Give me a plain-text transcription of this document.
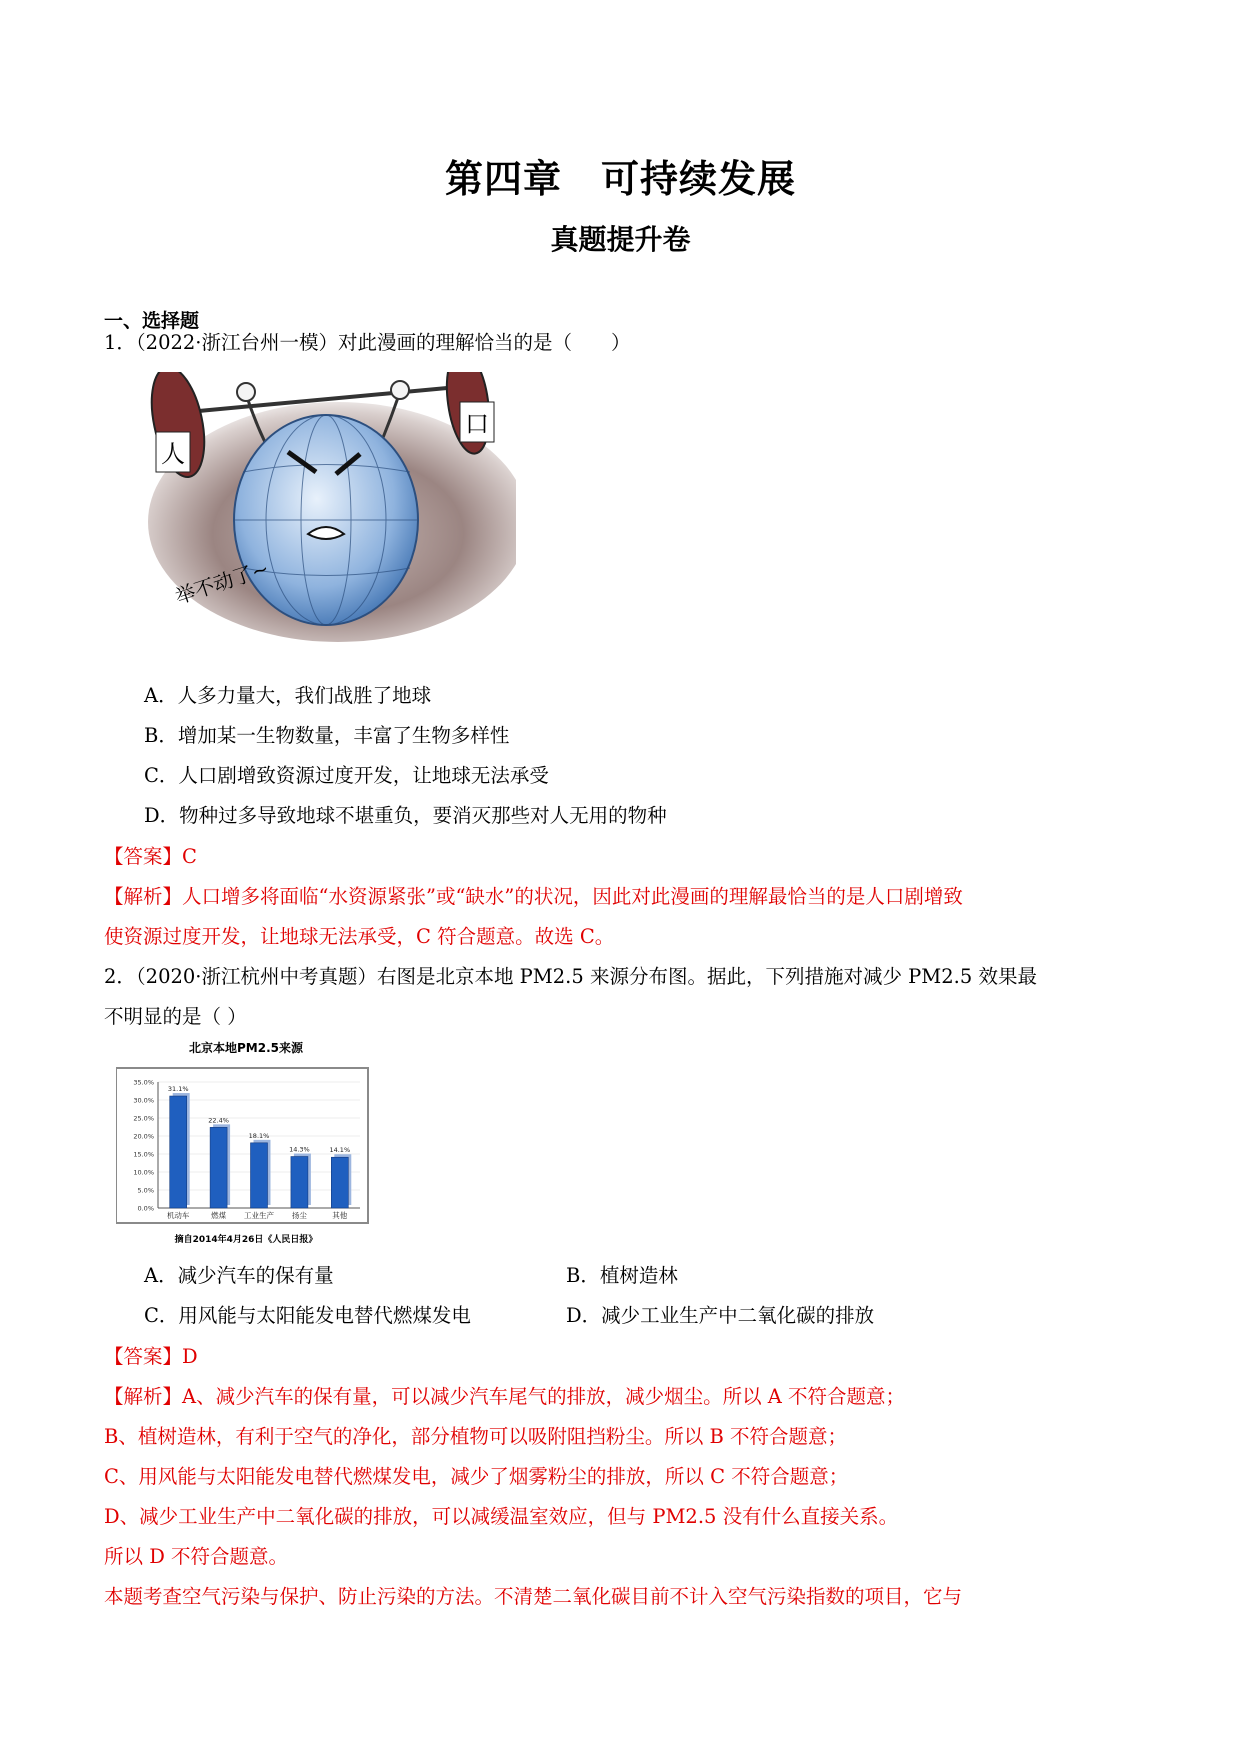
第四章　可持续发展
真题提升卷
一、选择题
1．（2022·浙江台州一模）对此漫画的理解恰当的是（　　）
人
口
举不动了~
A．人多力量大，我们战胜了地球
B．增加某一生物数量，丰富了生物多样性
C．人口剧增致资源过度开发，让地球无法承受
D．物种过多导致地球不堪重负，要消灭那些对人无用的物种
【答案】C
【解析】人口增多将面临“水资源紧张”或“缺水”的状况，因此对此漫画的理解最恰当的是人口剧增致
使资源过度开发，让地球无法承受，C 符合题意。故选 C。
2．（2020·浙江杭州中考真题）右图是北京本地 PM2.5 来源分布图。据此，下列措施对减少 PM2.5 效果最
不明显的是（ ）
北京本地PM2.5来源
35.0%
30.0%
25.0%
20.0%
15.0%
10.0%
5.0%
0.0%
31.1%
机动车
22.4%
燃煤
18.1%
工业生产
14.3%
扬尘
14.1%
其他
摘自2014年4月26日《人民日报》
A．减少汽车的保有量	B．植树造林
C．用风能与太阳能发电替代燃煤发电	D．减少工业生产中二氧化碳的排放
【答案】D
【解析】A、减少汽车的保有量，可以减少汽车尾气的排放，减少烟尘。所以 A 不符合题意；
B、植树造林，有利于空气的净化，部分植物可以吸附阻挡粉尘。所以 B 不符合题意；
C、用风能与太阳能发电替代燃煤发电，减少了烟雾粉尘的排放，所以 C 不符合题意；
D、减少工业生产中二氧化碳的排放，可以减缓温室效应，但与 PM2.5 没有什么直接关系。
所以 D 不符合题意。
本题考查空气污染与保护、防止污染的方法。不清楚二氧化碳目前不计入空气污染指数的项目，它与
